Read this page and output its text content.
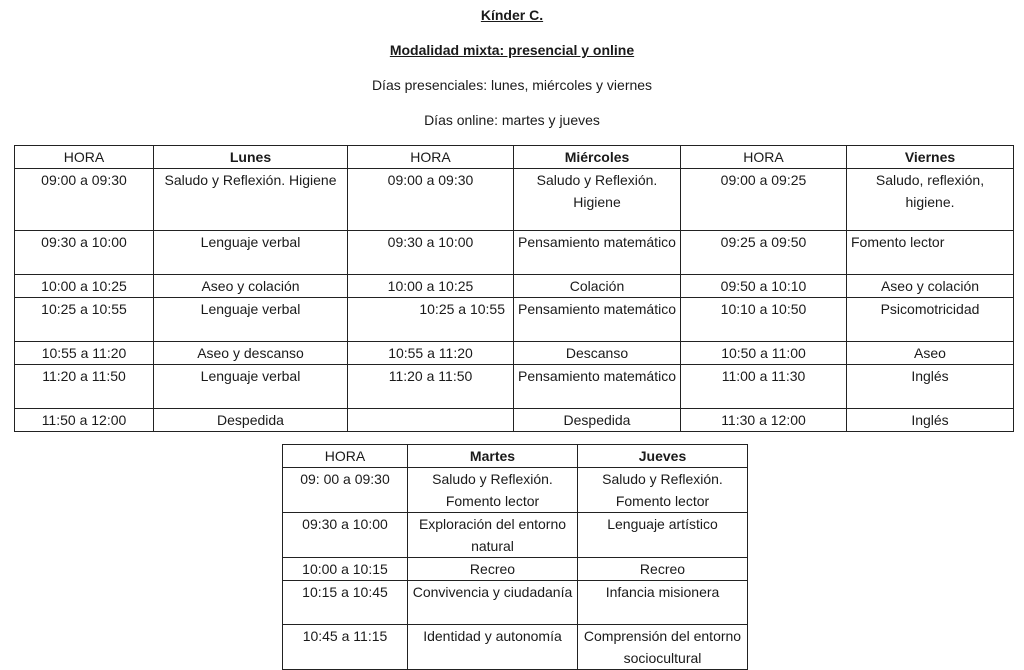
Kínder C.
Modalidad mixta: presencial y online
Días presenciales: lunes, miércoles y viernes
Días online: martes y jueves
HORA	Lunes	HORA	Miércoles	HORA	Viernes
09:00 a 09:30	Saludo y Reflexión. Higiene	09:00 a 09:30	Saludo y Reflexión. Higiene	09:00 a 09:25	Saludo, reflexión, higiene.
09:30 a 10:00	Lenguaje verbal	09:30 a 10:00	Pensamiento matemático	09:25 a 09:50	Fomento lector
10:00 a 10:25	Aseo y colación	10:00 a 10:25	Colación	09:50 a 10:10	Aseo y colación
10:25 a 10:55	Lenguaje verbal	10:25 a 10:55	Pensamiento matemático	10:10 a 10:50	Psicomotricidad
10:55 a 11:20	Aseo y descanso	10:55 a 11:20	Descanso	10:50 a 11:00	Aseo
11:20 a 11:50	Lenguaje verbal	11:20 a 11:50	Pensamiento matemático	11:00 a 11:30	Inglés
11:50 a 12:00	Despedida		Despedida	11:30 a 12:00	Inglés
HORA	Martes	Jueves
09: 00 a 09:30	Saludo y Reflexión. Fomento lector	Saludo y Reflexión. Fomento lector
09:30 a 10:00	Exploración del entorno natural	Lenguaje artístico
10:00 a 10:15	Recreo	Recreo
10:15 a 10:45	Convivencia y ciudadanía	Infancia misionera
10:45 a 11:15	Identidad y autonomía	Comprensión del entorno sociocultural
